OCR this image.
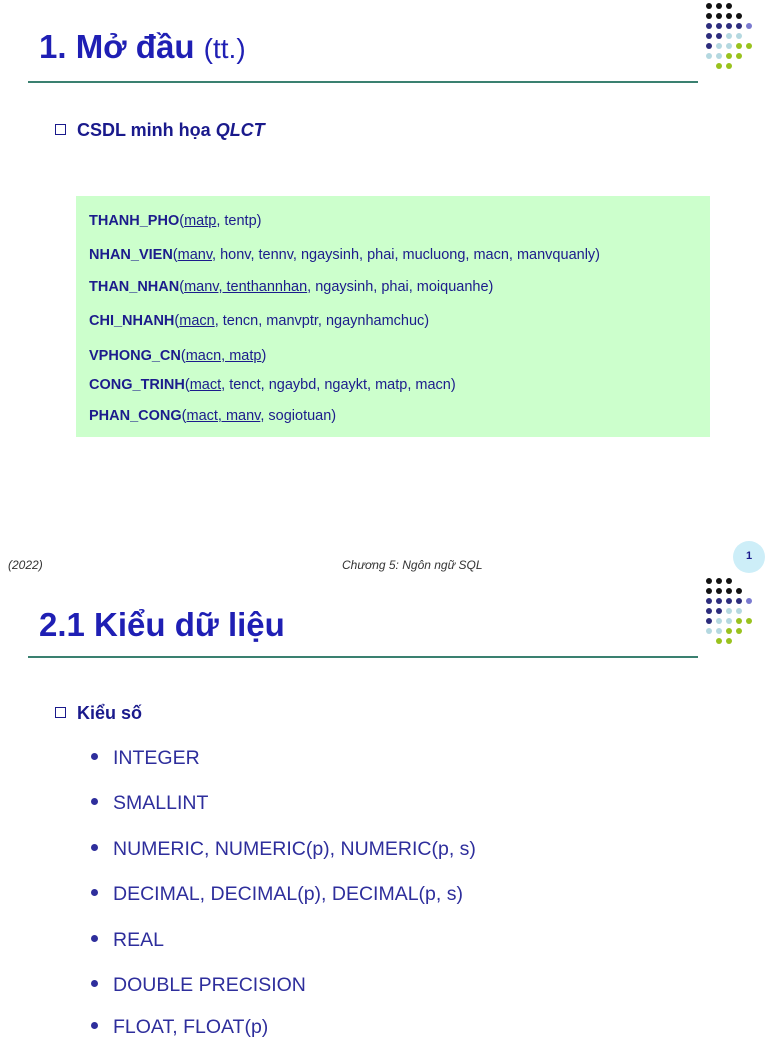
1. Mở đầu (tt.)
CSDL minh họa QLCT
THANH_PHO(matp, tentp)
NHAN_VIEN(manv, honv, tennv, ngaysinh, phai, mucluong, macn, manvquanly)
THAN_NHAN(manv, tenthannhan, ngaysinh, phai, moiquanhe)
CHI_NHANH(macn, tencn, manvptr, ngaynhamchuc)
VPHONG_CN(macn, matp)
CONG_TRINH(mact, tenct, ngaybd, ngaykt, matp, macn)
PHAN_CONG(mact, manv, sogiotuan)
(2022)	Chương 5: Ngôn ngữ SQL
1
2.1 Kiểu dữ liệu
Kiểu số
INTEGER
SMALLINT
NUMERIC, NUMERIC(p), NUMERIC(p, s)
DECIMAL, DECIMAL(p), DECIMAL(p, s)
REAL
DOUBLE PRECISION
FLOAT, FLOAT(p)
